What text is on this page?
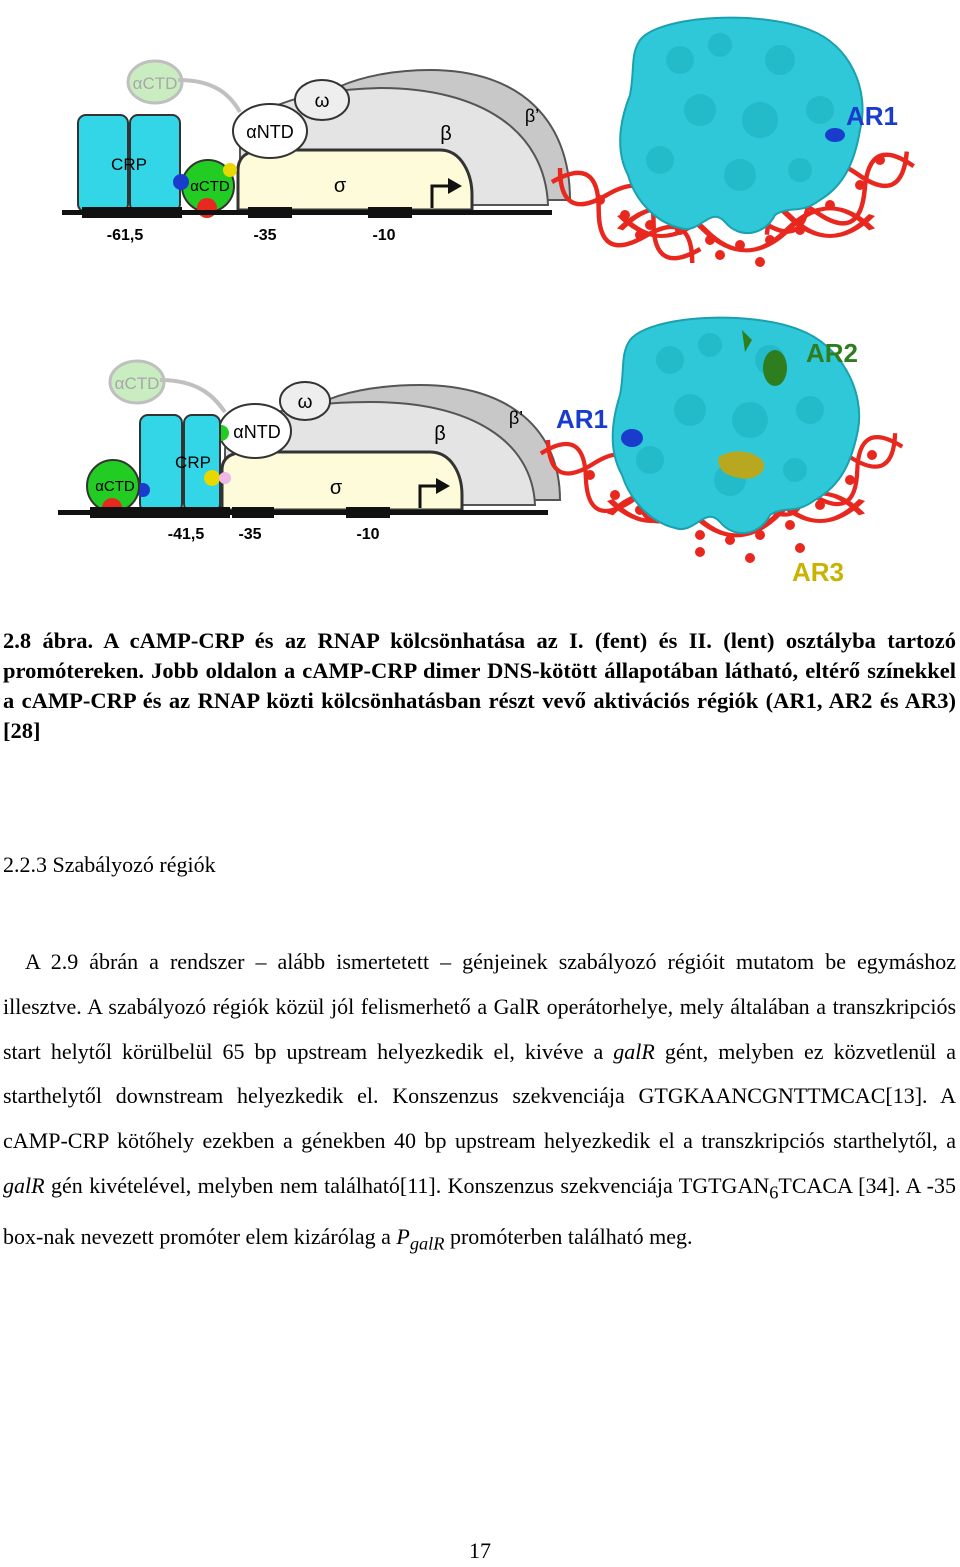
αCTD
ω
αNTD	β
β’
CRP
αCTD	σ
-61,5	-35	-10
AR1
αCTD
ω
αNTD	β
β’
CRP
αCTD	σ
-41,5 -35	-10
AR2
AR1
AR3
2.8 ábra. A cAMP-CRP és az RNAP kölcsönhatása az I. (fent) és II. (lent) osztályba tartozó promótereken. Jobb oldalon a cAMP-CRP dimer DNS-kötött állapotában látható, eltérő színekkel a cAMP-CRP és az RNAP közti kölcsönhatásban részt vevő aktivációs régiók (AR1, AR2 és AR3) [28]
2.2.3 Szabályozó régiók
A 2.9 ábrán a rendszer – alább ismertetett – génjeinek szabályozó régióit mutatom be egymáshoz illesztve. A szabályozó régiók közül jól felismerhető a GalR operátorhelye, mely általában a transzkripciós start helytől körülbelül 65 bp upstream helyezkedik el, kivéve a galR gént, melyben ez közvetlenül a starthelytől downstream helyezkedik el. Konszenzus szekvenciája GTGKAANCGNTTMCAC[13]. A cAMP-CRP kötőhely ezekben a génekben 40 bp upstream helyezkedik el a transzkripciós starthelytől, a galR gén kivételével, melyben nem található[11]. Konszenzus szekvenciája $TGTGAN_6TCACA$ [34]. A -35 box-nak nevezett promóter elem kizárólag a $P_{galR}$ promóterben található meg.
17
